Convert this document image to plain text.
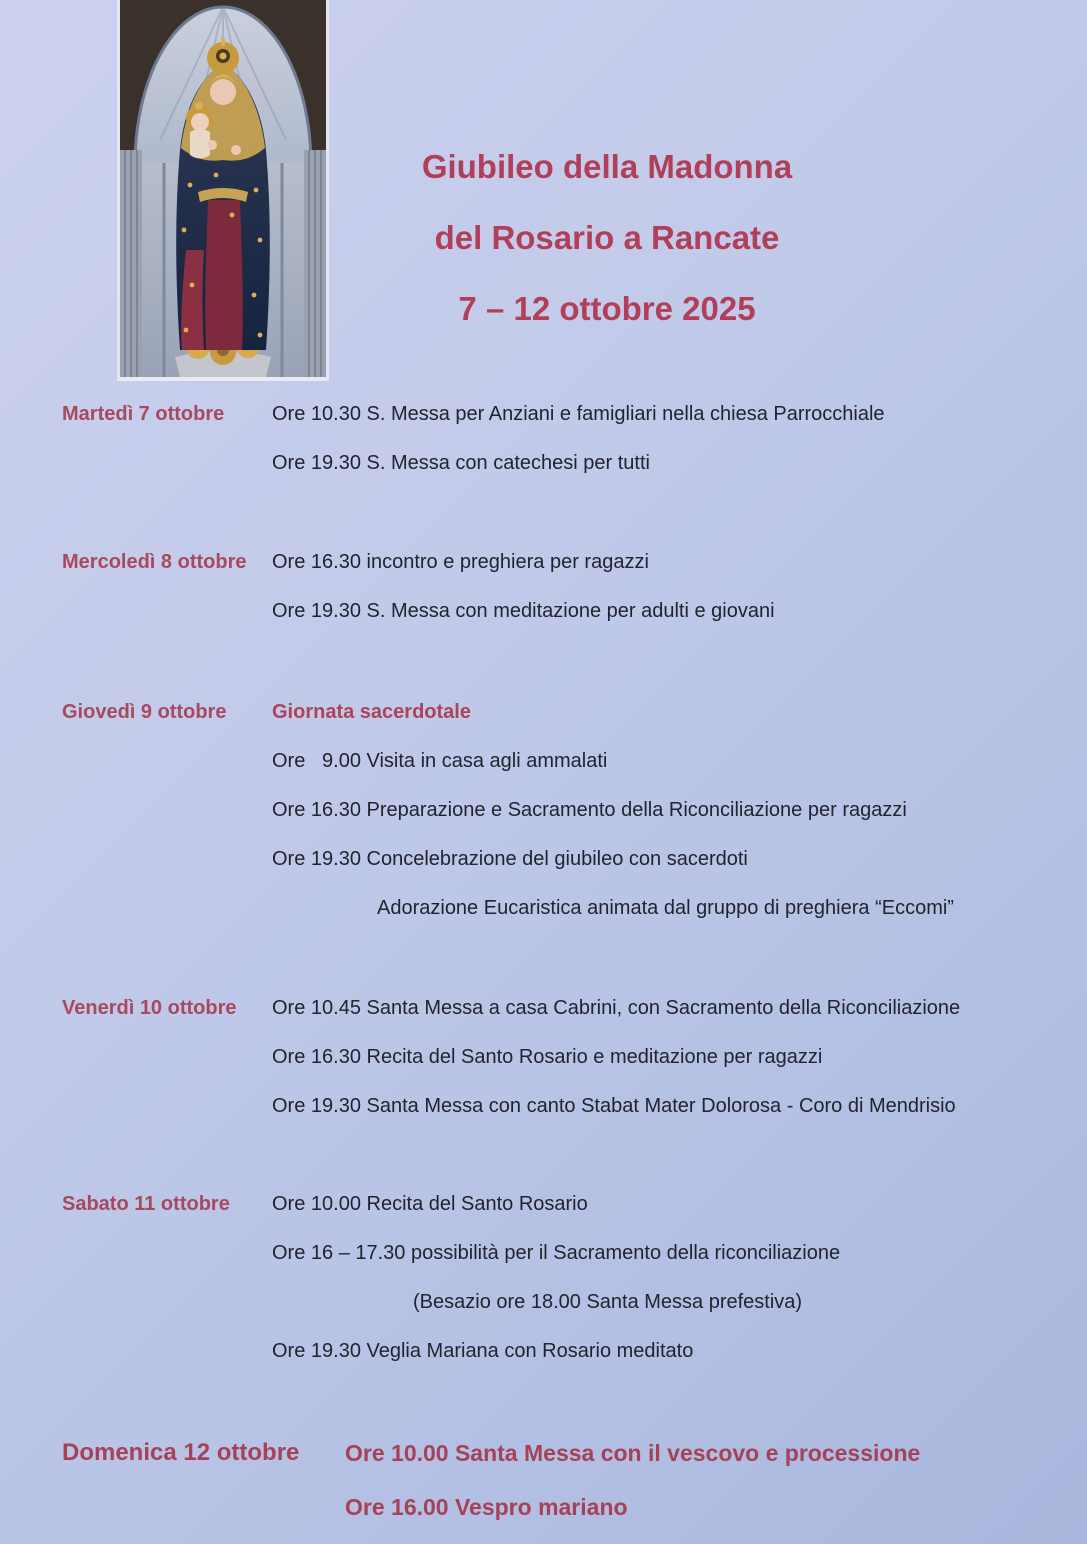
Giubileo della Madonna
del Rosario a Rancate
7 – 12 ottobre 2025
Martedì 7 ottobre	Ore 10.30 S. Messa per Anziani e famigliari nella chiesa Parrocchiale
Ore 19.30 S. Messa con catechesi per tutti
Mercoledì 8 ottobre	Ore 16.30 incontro e preghiera per ragazzi
Ore 19.30 S. Messa con meditazione per adulti e giovani
Giovedì 9 ottobre	Giornata sacerdotale
Ore   9.00 Visita in casa agli ammalati
Ore 16.30 Preparazione e Sacramento della Riconciliazione per ragazzi
Ore 19.30 Concelebrazione del giubileo con sacerdoti
Adorazione Eucaristica animata dal gruppo di preghiera “Eccomi”
Venerdì 10 ottobre	Ore 10.45 Santa Messa a casa Cabrini, con Sacramento della Riconciliazione
Ore 16.30 Recita del Santo Rosario e meditazione per ragazzi
Ore 19.30 Santa Messa con canto Stabat Mater Dolorosa - Coro di Mendrisio
Sabato 11 ottobre	Ore 10.00 Recita del Santo Rosario
Ore 16 – 17.30 possibilità per il Sacramento della riconciliazione
(Besazio ore 18.00 Santa Messa prefestiva)
Ore 19.30 Veglia Mariana con Rosario meditato
Domenica 12 ottobre	Ore 10.00 Santa Messa con il vescovo e processione
Ore 16.00 Vespro mariano
